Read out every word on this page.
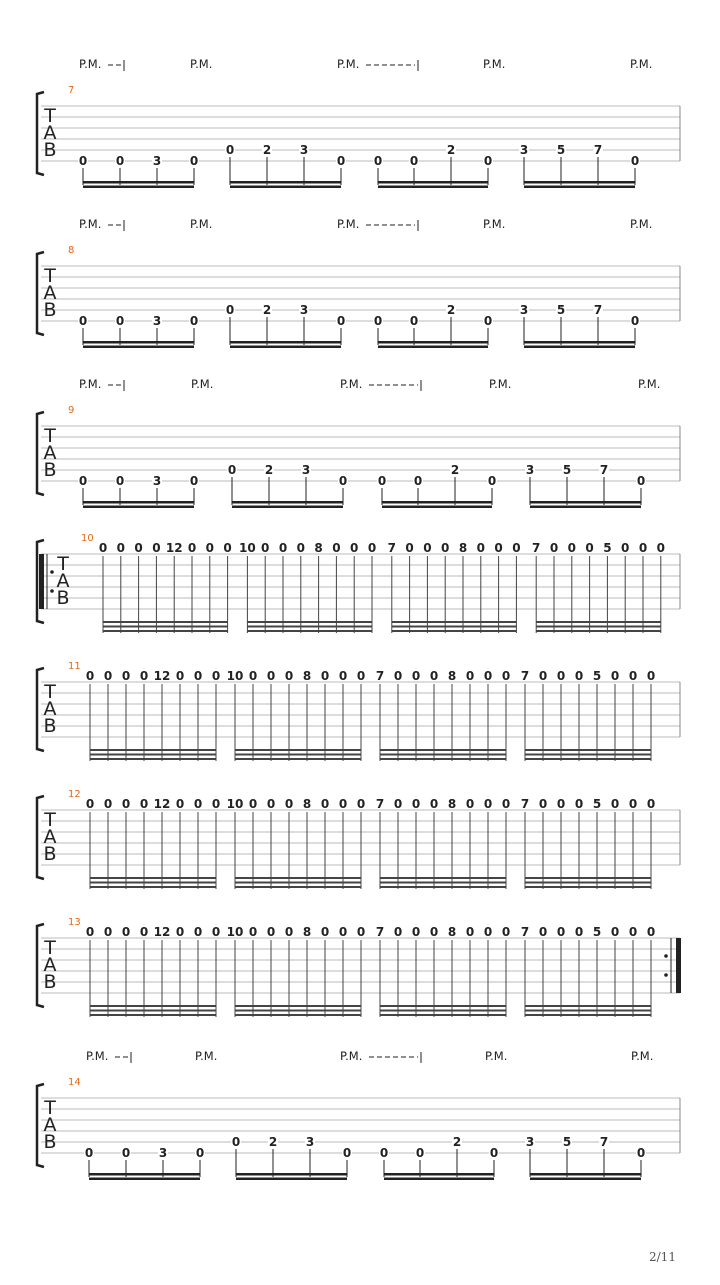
T
A
B
7
P.M.	P.M.	P.M.	P.M.	P.M.
0 0 3 0
0 2 3
0 0 0
2
0
3 5 7
0
T
A
B
8
P.M.	P.M.	P.M.	P.M.	P.M.
0 0 3 0
0 2 3
0 0 0
2
0
3 5 7
0
T
A
B
9
P.M.	P.M.	P.M.	P.M.	P.M.
0 0 3 0
0 2 3
0	0 0
2
0
3 5 7
0
T
A
B
10
0 0 0 0 12 0 0 0 10 0 0 0 8 0 0 0 7 0 0 0 8 0 0 0 7 0 0 0 5 0 0 0
T
A
B
11
0 0 0 0 12 0 0 0 10 0 0 0 8 0 0 0 7 0 0 0 8 0 0 0 7 0 0 0 5 0 0 0
T
A
B
12
0 0 0 0 12 0 0 0 10 0 0 0 8 0 0 0 7 0 0 0 8 0 0 0 7 0 0 0 5 0 0 0
T
A
B
13
0 0 0 0 12 0 0 0 10 0 0 0 8 0 0 0 7 0 0 0 8 0 0 0 7 0 0 0 5 0 0 0
T
A
B
14
P.M.	P.M.	P.M.	P.M.	P.M.
0 0 3 0
0 2 3
0 0 0
2
0
3 5 7
0
2/11
